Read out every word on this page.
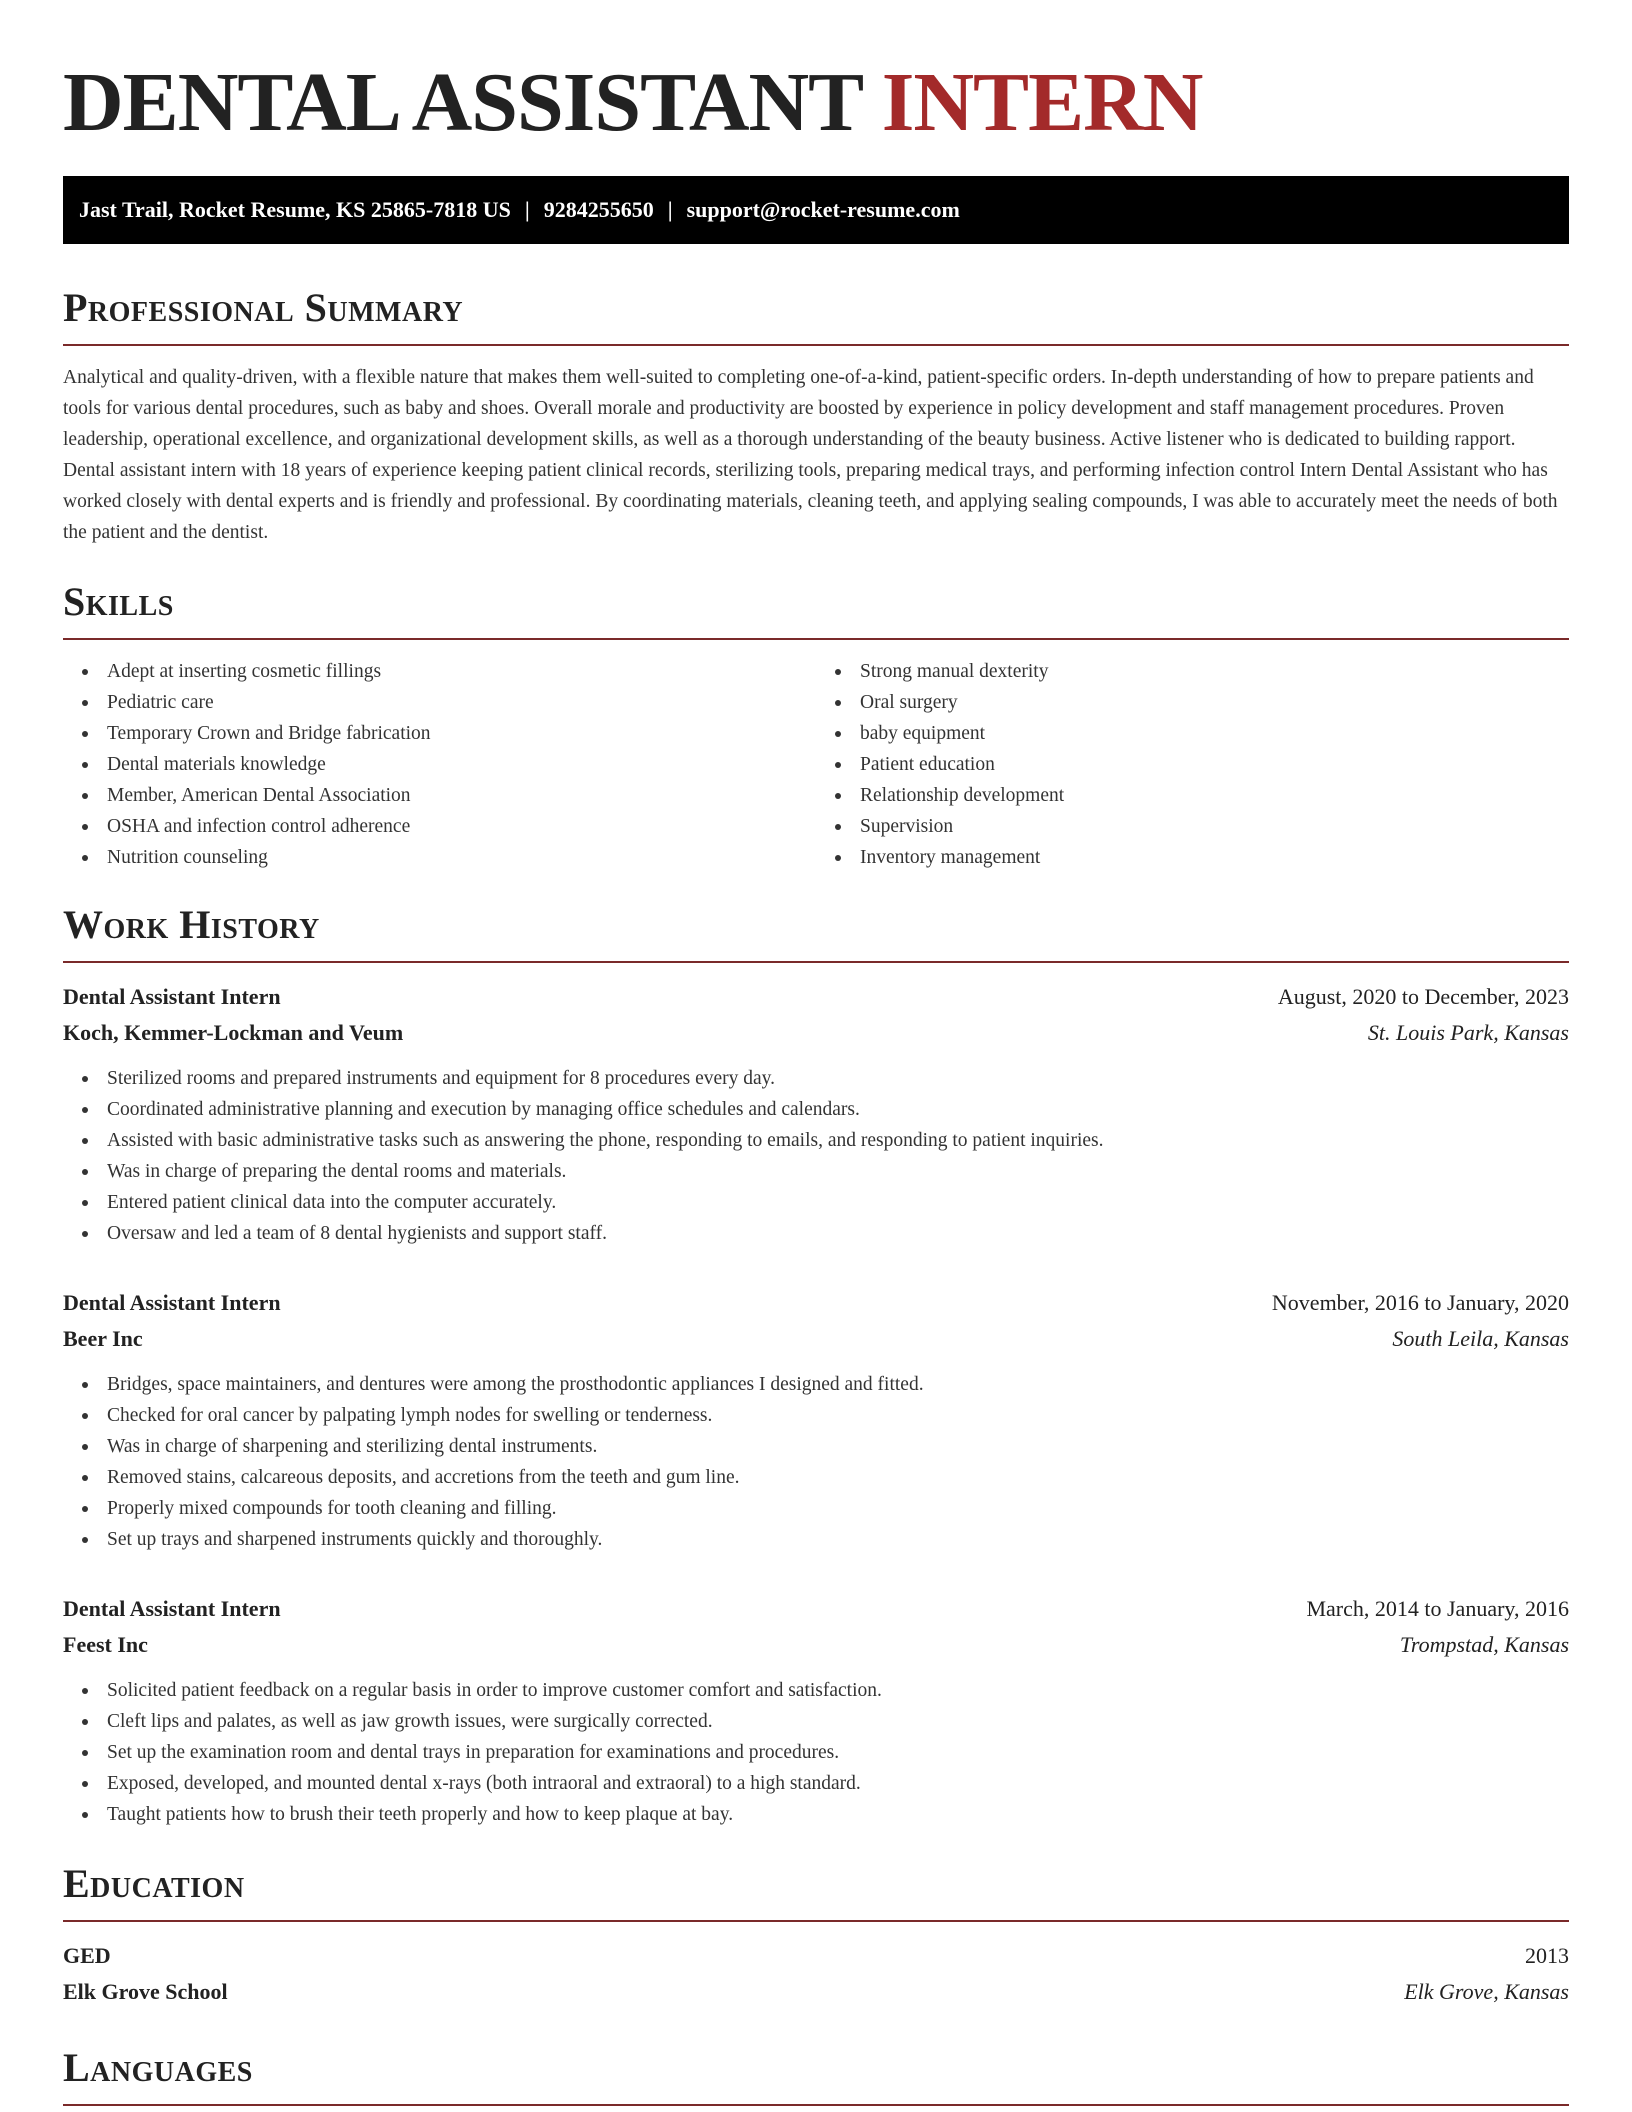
DENTAL ASSISTANT INTERN
Jast Trail, Rocket Resume, KS 25865-7818 US | 9284255650 | support@rocket-resume.com
Professional Summary

Analytical and quality-driven, with a flexible nature that makes them well-suited to completing one-of-a-kind, patient-specific orders. In-depth understanding of how to prepare patients and tools for various dental procedures, such as baby and shoes. Overall morale and productivity are boosted by experience in policy development and staff management procedures. Proven leadership, operational excellence, and organizational development skills, as well as a thorough understanding of the beauty business. Active listener who is dedicated to building rapport. Dental assistant intern with 18 years of experience keeping patient clinical records, sterilizing tools, preparing medical trays, and performing infection control Intern Dental Assistant who has worked closely with dental experts and is friendly and professional. By coordinating materials, cleaning teeth, and applying sealing compounds, I was able to accurately meet the needs of both the patient and the dentist.

Skills
Adept at inserting cosmetic fillings
Pediatric care
Temporary Crown and Bridge fabrication
Dental materials knowledge
Member, American Dental Association
OSHA and infection control adherence
Nutrition counseling
Strong manual dexterity
Oral surgery
baby equipment
Patient education
Relationship development
Supervision
Inventory management
Work History
Dental Assistant Intern	August, 2020 to December, 2023
Koch, Kemmer-Lockman and Veum	St. Louis Park, Kansas
Sterilized rooms and prepared instruments and equipment for 8 procedures every day.
Coordinated administrative planning and execution by managing office schedules and calendars.
Assisted with basic administrative tasks such as answering the phone, responding to emails, and responding to patient inquiries.
Was in charge of preparing the dental rooms and materials.
Entered patient clinical data into the computer accurately.
Oversaw and led a team of 8 dental hygienists and support staff.
Dental Assistant Intern	November, 2016 to January, 2020
Beer Inc	South Leila, Kansas
Bridges, space maintainers, and dentures were among the prosthodontic appliances I designed and fitted.
Checked for oral cancer by palpating lymph nodes for swelling or tenderness.
Was in charge of sharpening and sterilizing dental instruments.
Removed stains, calcareous deposits, and accretions from the teeth and gum line.
Properly mixed compounds for tooth cleaning and filling.
Set up trays and sharpened instruments quickly and thoroughly.
Dental Assistant Intern	March, 2014 to January, 2016
Feest Inc	Trompstad, Kansas
Solicited patient feedback on a regular basis in order to improve customer comfort and satisfaction.
Cleft lips and palates, as well as jaw growth issues, were surgically corrected.
Set up the examination room and dental trays in preparation for examinations and procedures.
Exposed, developed, and mounted dental x-rays (both intraoral and extraoral) to a high standard.
Taught patients how to brush their teeth properly and how to keep plaque at bay.
Education
GED	2013
Elk Grove School	Elk Grove, Kansas
Languages
